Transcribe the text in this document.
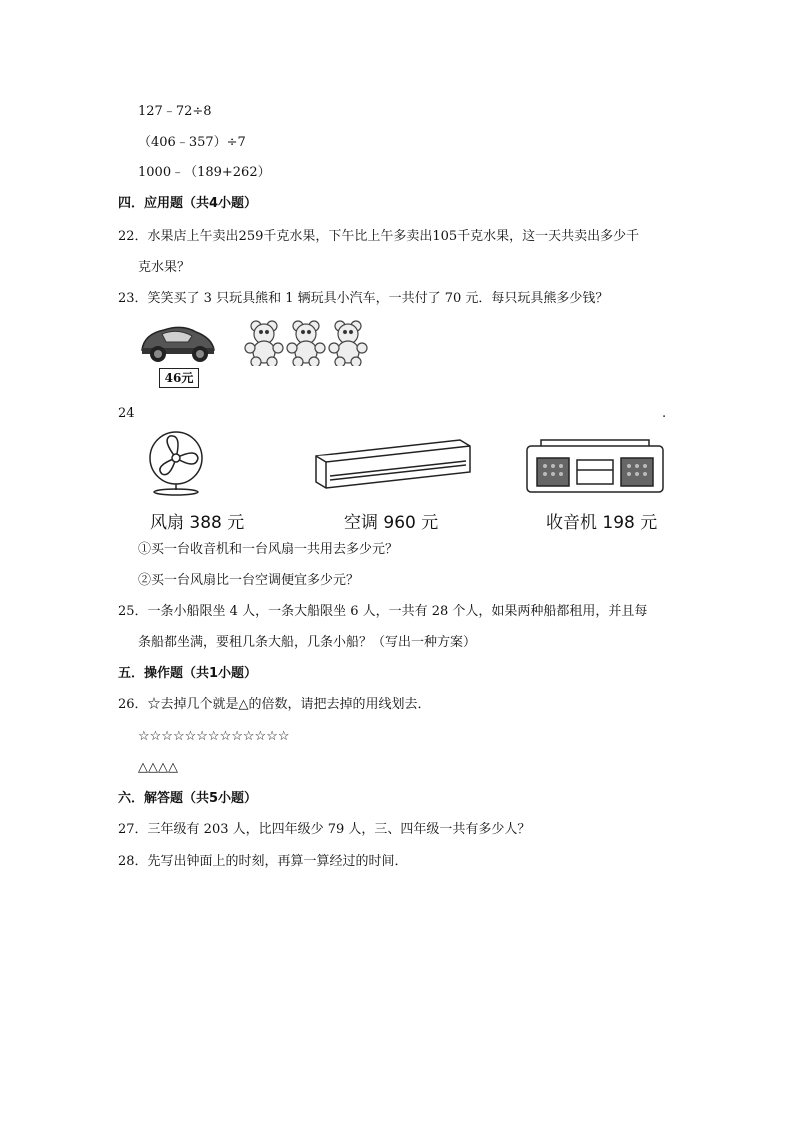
127﹣72÷8
（406﹣357）÷7
1000﹣（189+262）
四．应用题（共4小题）
22．水果店上午卖出259千克水果，下午比上午多卖出105千克水果，这一天共卖出多少千
克水果？
23．笑笑买了 3 只玩具熊和 1 辆玩具小汽车，一共付了 70 元．每只玩具熊多少钱？
46元
24	.
风扇 388 元	空调 960 元	收音机 198 元
①买一台收音机和一台风扇一共用去多少元？
②买一台风扇比一台空调便宜多少元？
25．一条小船限坐 4 人，一条大船限坐 6 人，一共有 28 个人，如果两种船都租用，并且每
条船都坐满，要租几条大船，几条小船？（写出一种方案）
五．操作题（共1小题）
26．☆去掉几个就是△的倍数，请把去掉的用线划去．
☆☆☆☆☆☆☆☆☆☆☆☆☆
△△△△
六．解答题（共5小题）
27．三年级有 203 人，比四年级少 79 人，三、四年级一共有多少人？
28．先写出钟面上的时刻，再算一算经过的时间．
